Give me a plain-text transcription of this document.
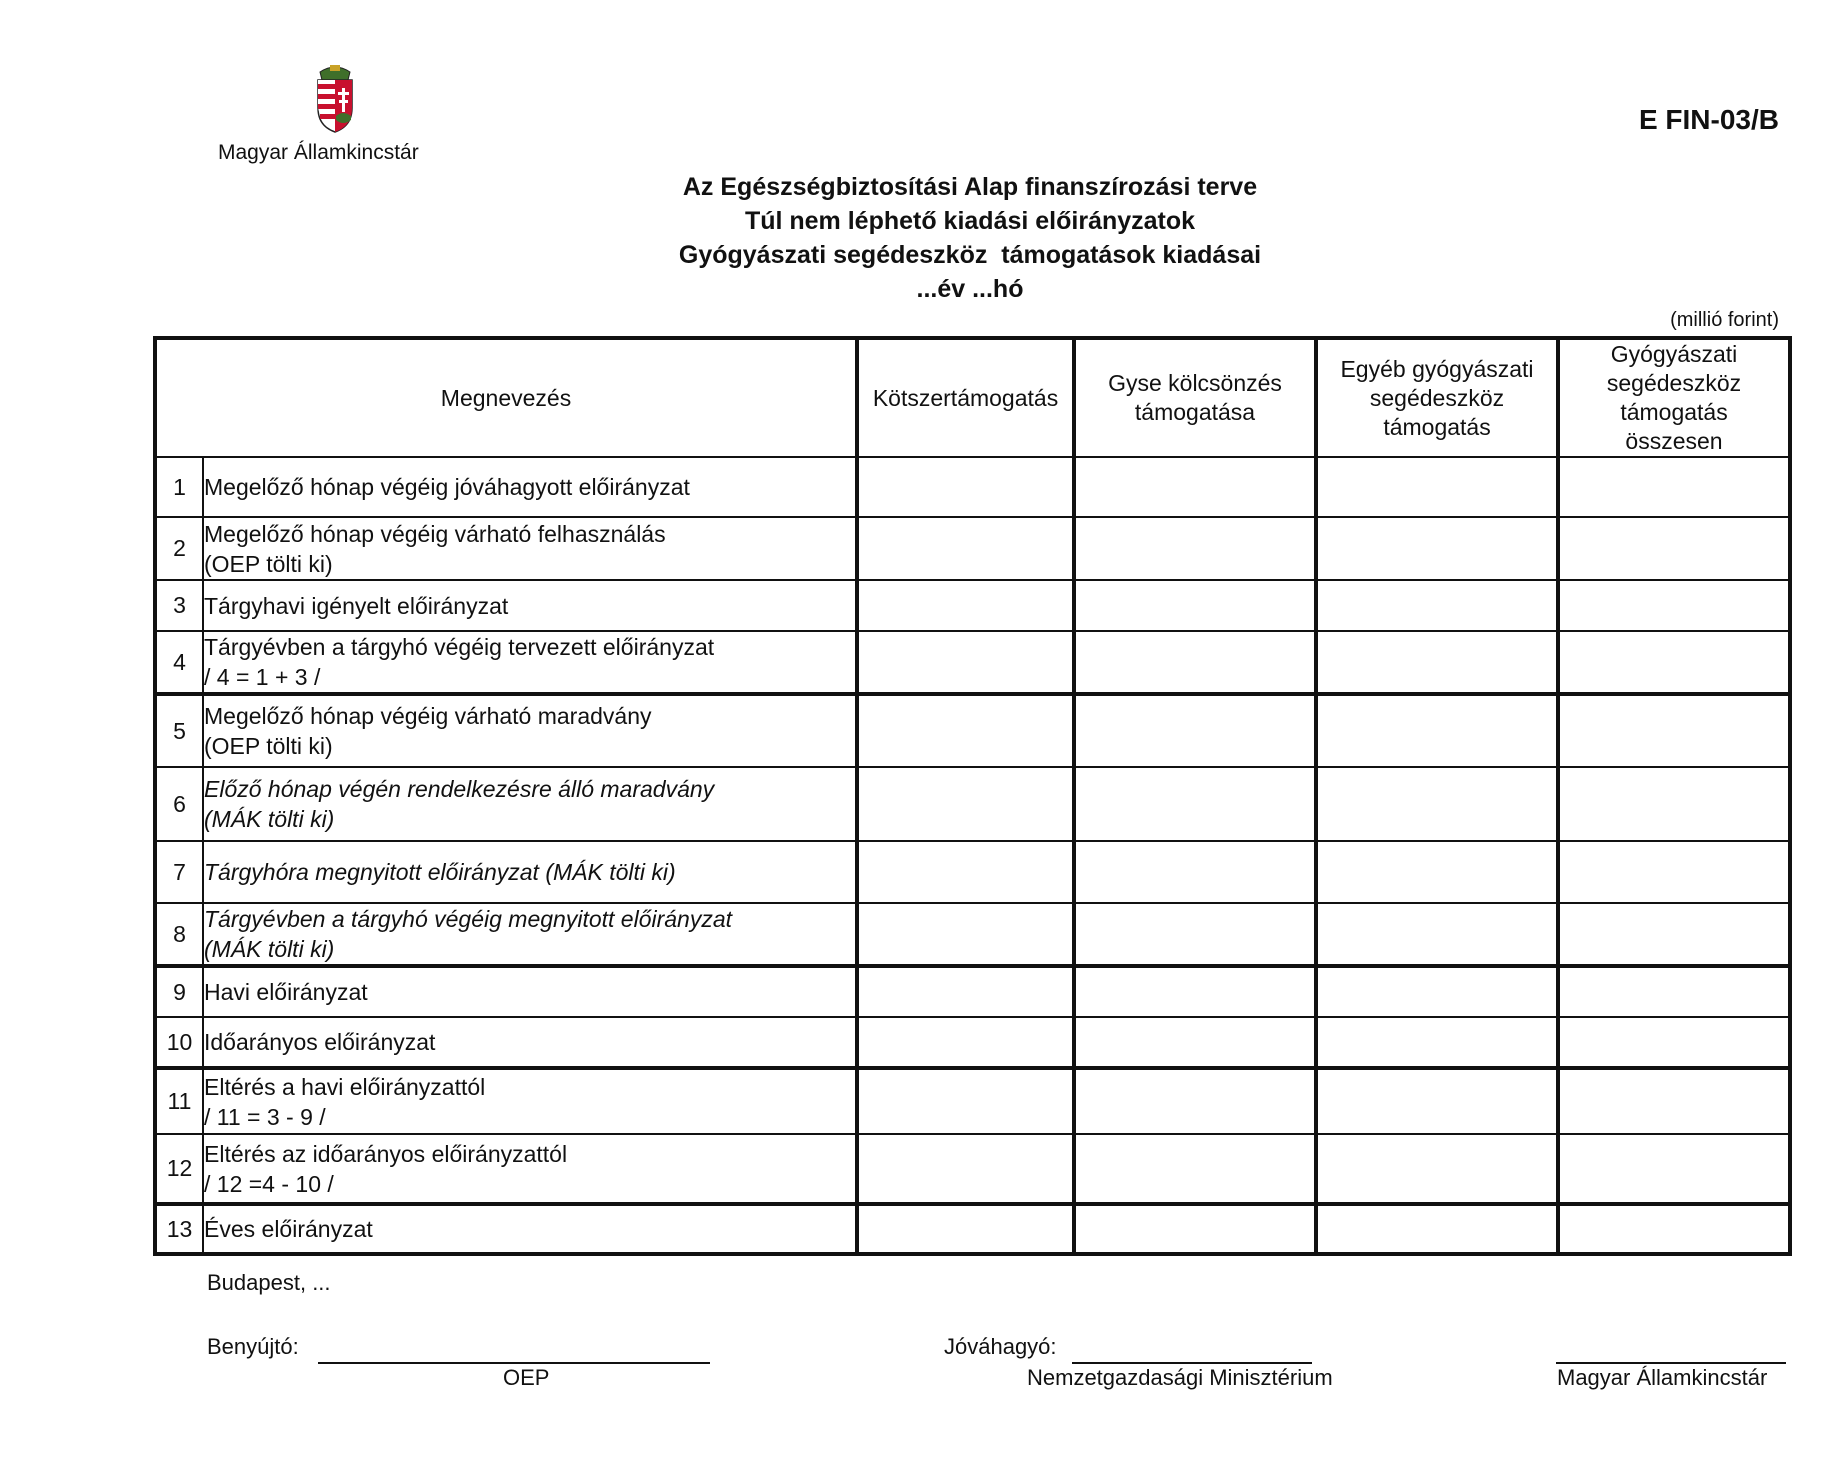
Magyar Államkincstár
E FIN-03/B
Az Egészségbiztosítási Alap finanszírozási terve
Túl nem léphető kiadási előirányzatok
Gyógyászati segédeszköz  támogatások kiadásai
...év ...hó
(millió forint)
Megnevezés		Kötszertámogatás	Gyse kölcsönzés támogatása	Egyéb gyógyászati segédeszköz támogatás	Gyógyászati segédeszköz támogatás összesen

1	Megelőző hónap végéig jóváhagyott előirányzat				

2	Megelőző hónap végéig várható felhasználás
(OEP tölti ki)				

3	Tárgyhavi igényelt előirányzat				

4	Tárgyévben a tárgyhó végéig tervezett előirányzat
/ 4 = 1 + 3 /				

5	Megelőző hónap végéig várható maradvány
(OEP tölti ki)				

6	Előző hónap végén rendelkezésre álló maradvány
(MÁK tölti ki)				

7	Tárgyhóra megnyitott előirányzat (MÁK tölti ki)				

8	Tárgyévben a tárgyhó végéig megnyitott előirányzat
(MÁK tölti ki)				

9	Havi előirányzat				

10	Időarányos előirányzat				

11	Eltérés a havi előirányzattól
/ 11 = 3 - 9 /				

12	Eltérés az időarányos előirányzattól
/ 12 =4 - 10 /				

13	Éves előirányzat				

Budapest, ...
Benyújtó:
OEP
Jóváhagyó:
Nemzetgazdasági Minisztérium	Magyar Államkincstár
